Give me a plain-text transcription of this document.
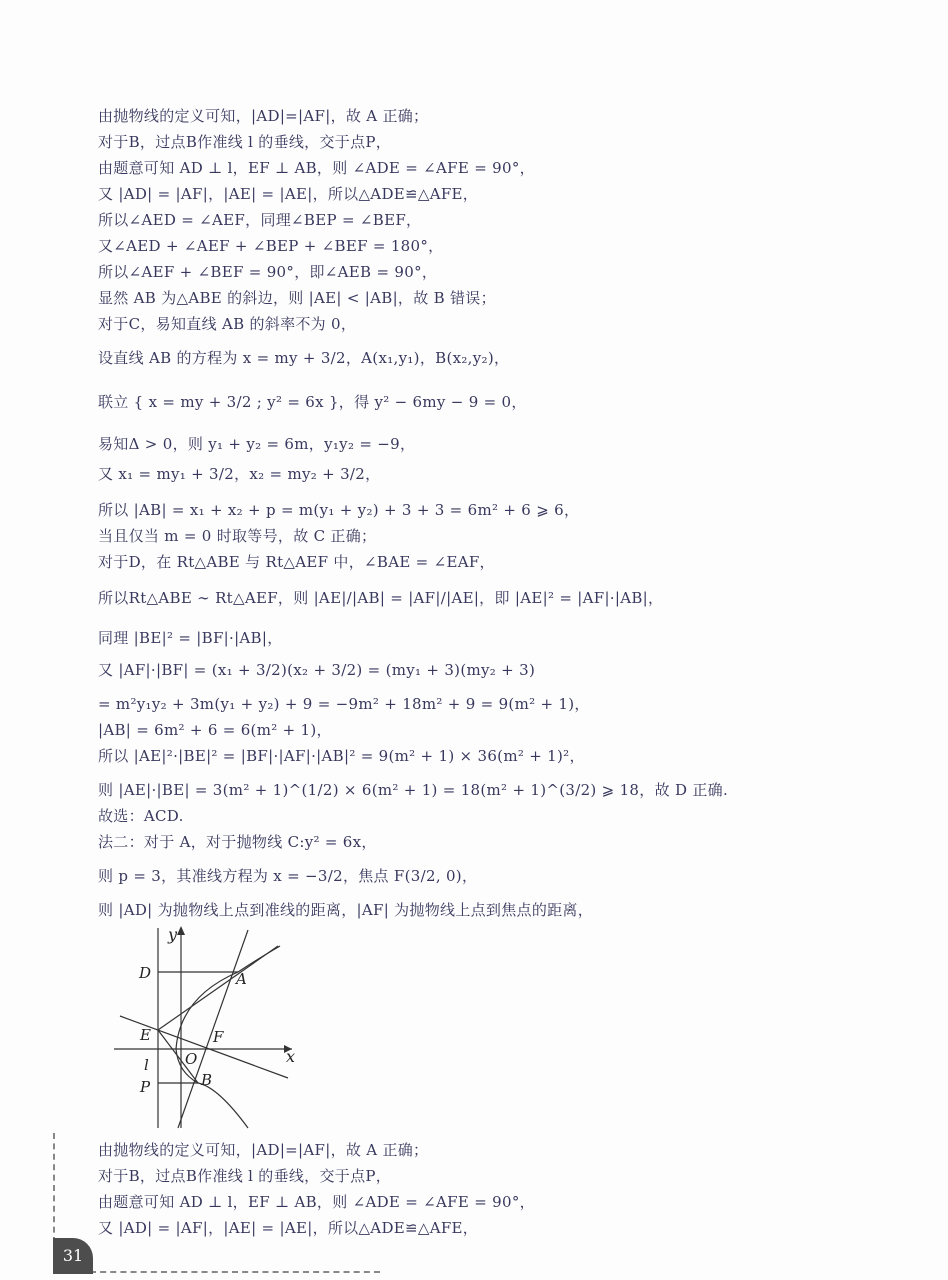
由抛物线的定义可知，|AD|=|AF|，故 A 正确；
对于B，过点B作准线 l 的垂线，交于点P，
由题意可知 AD ⊥ l，EF ⊥ AB，则 ∠ADE = ∠AFE = 90°，
又 |AD| = |AF|，|AE| = |AE|，所以△ADE≌△AFE，
所以∠AED = ∠AEF，同理∠BEP = ∠BEF，
又∠AED + ∠AEF + ∠BEP + ∠BEF = 180°，
所以∠AEF + ∠BEF = 90°，即∠AEB = 90°，
显然 AB 为△ABE 的斜边，则 |AE| < |AB|，故 B 错误；
对于C，易知直线 AB 的斜率不为 0，
设直线 AB 的方程为 x = my + 3/2，A(x₁,y₁)，B(x₂,y₂)，
联立 { x = my + 3/2 ; y² = 6x }，得 y² − 6my − 9 = 0，
易知Δ > 0，则 y₁ + y₂ = 6m，y₁y₂ = −9，
又 x₁ = my₁ + 3/2，x₂ = my₂ + 3/2，
所以 |AB| = x₁ + x₂ + p = m(y₁ + y₂) + 3 + 3 = 6m² + 6 ⩾ 6，
当且仅当 m = 0 时取等号，故 C 正确；
对于D，在 Rt△ABE 与 Rt△AEF 中，∠BAE = ∠EAF，
所以Rt△ABE ∼ Rt△AEF，则 |AE|/|AB| = |AF|/|AE|，即 |AE|² = |AF|·|AB|，
同理 |BE|² = |BF|·|AB|，
又 |AF|·|BF| = (x₁ + 3/2)(x₂ + 3/2) = (my₁ + 3)(my₂ + 3)
= m²y₁y₂ + 3m(y₁ + y₂) + 9 = −9m² + 18m² + 9 = 9(m² + 1)，
|AB| = 6m² + 6 = 6(m² + 1)，
所以 |AE|²·|BE|² = |BF|·|AF|·|AB|² = 9(m² + 1) × 36(m² + 1)²，
则 |AE|·|BE| = 3(m² + 1)^(1/2) × 6(m² + 1) = 18(m² + 1)^(3/2) ⩾ 18，故 D 正确.
故选：ACD.
法二：对于 A，对于抛物线 C:y² = 6x，
则 p = 3，其准线方程为 x = −3/2，焦点 F(3/2, 0)，
则 |AD| 为抛物线上点到准线的距离，|AF| 为抛物线上点到焦点的距离，
y
x
D	A
E	F
O
l
P	B
由抛物线的定义可知，|AD|=|AF|，故 A 正确；
对于B，过点B作准线 l 的垂线，交于点P，
由题意可知 AD ⊥ l，EF ⊥ AB，则 ∠ADE = ∠AFE = 90°，
又 |AD| = |AF|，|AE| = |AE|，所以△ADE≌△AFE，
31
